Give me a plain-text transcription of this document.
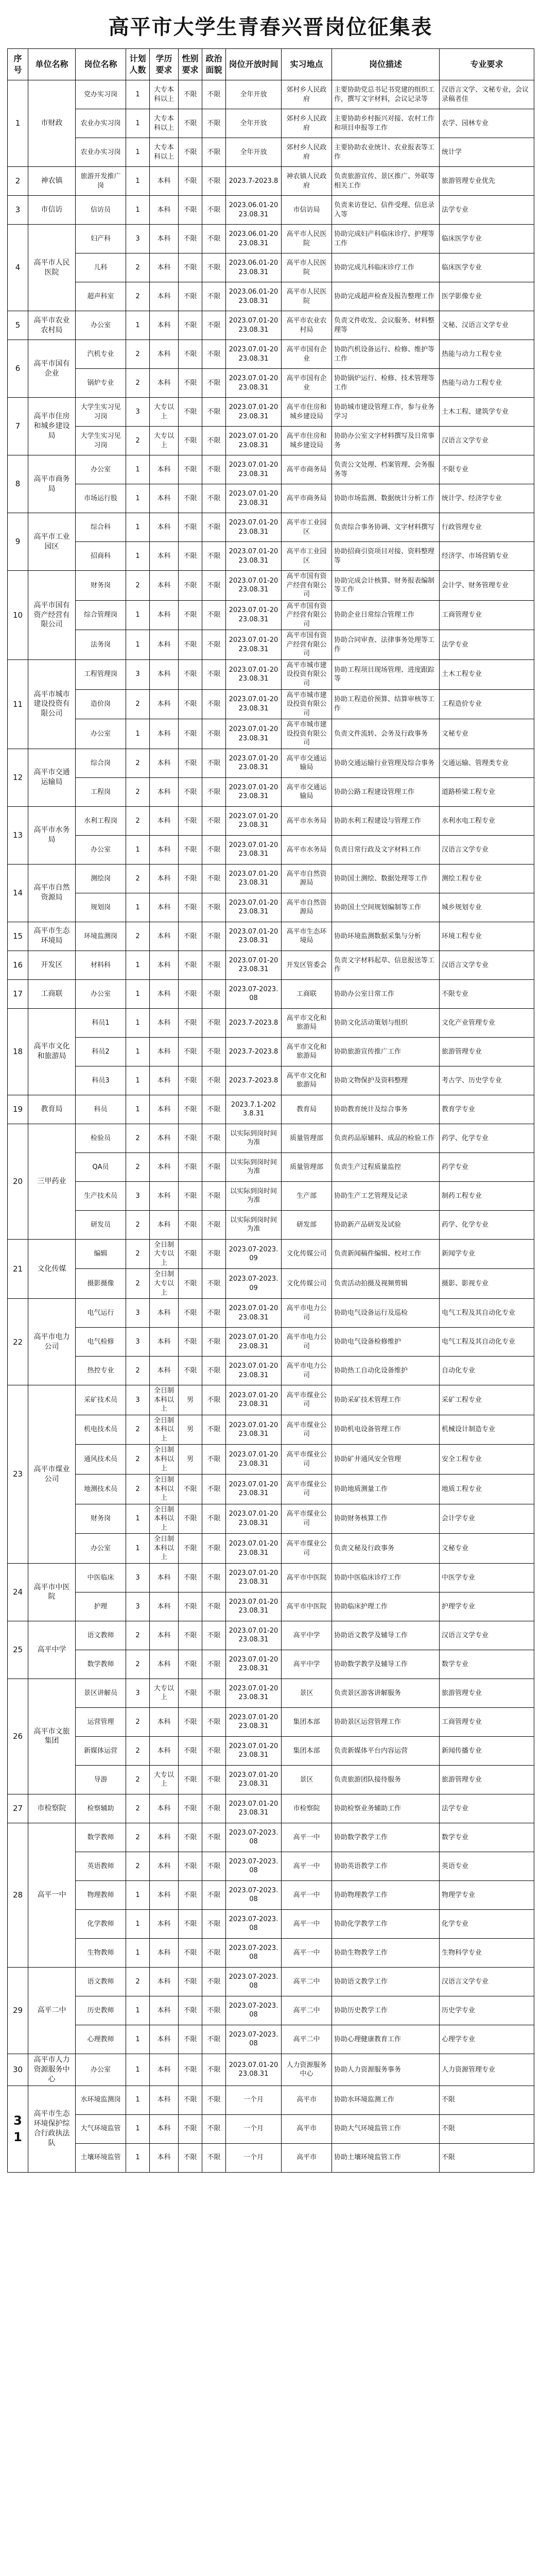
高平市大学生青春兴晋岗位征集表
序号	单位名称	岗位名称	计划人数	学历要求	性别要求	政治面貌	岗位开放时间	实习地点	岗位描述	专业要求
1	市财政	党办实习岗	1	大专本科以上	不限	不限	全年开放	郊村乡人民政府	主要协助党总书记书党建的组织工作，撰写文字材料，会议记录等	汉语言文学、文秘专业，会议录稿者佳
		农业办实习岗	1	大专本科以上	不限	不限	全年开放	郊村乡人民政府	主要协助乡村振兴对接、农村工作和项目申报等工作	农学、园林专业
		农业办实习岗	1	大专本科以上	不限	不限	全年开放	郊村乡人民政府	主要协助农业统计、农业报表等工作	统计学
2	神农镇	旅游开发推广岗	1	本科	不限	不限	2023.7-2023.8	神农镇人民政府	负责旅游宣传、景区推广、外联等相关工作	旅游管理专业优先
3	市信访	信访员	1	本科	不限	不限	2023.06.01-2023.08.31	市信访局	负责来访登记、信件受理、信息录入等	法学专业
4	高平市人民医院	妇产科	3	本科	不限	不限	2023.06.01-2023.08.31	高平市人民医院	协助完成妇产科临床诊疗、护理等工作	临床医学专业
		儿科	2	本科	不限	不限	2023.06.01-2023.08.31	高平市人民医院	协助完成儿科临床诊疗工作	临床医学专业
		超声科室	2	本科	不限	不限	2023.06.01-2023.08.31	高平市人民医院	协助完成超声检查及报告整理工作	医学影像专业
5	高平市农业农村局	办公室	1	本科	不限	不限	2023.07.01-2023.08.31	高平市农业农村局	负责文件收发、会议服务、材料整理等	文秘、汉语言文学专业
6	高平市国有企业	汽机专业	2	本科	不限	不限	2023.07.01-2023.08.31	高平市国有企业	协助汽机设备运行、检修、维护等工作	热能与动力工程专业
		锅炉专业	2	本科	不限	不限	2023.07.01-2023.08.31	高平市国有企业	协助锅炉运行、检修、技术管理等工作	热能与动力工程专业
7	高平市住房和城乡建设局	大学生实习见习岗	3	大专以上	不限	不限	2023.07.01-2023.08.31	高平市住房和城乡建设局	协助城市建设管理工作，参与业务学习	土木工程、建筑学专业
		大学生实习见习岗	2	大专以上	不限	不限	2023.07.01-2023.08.31	高平市住房和城乡建设局	协助办公室文字材料撰写及日常事务	汉语言文学专业
8	高平市商务局	办公室	1	本科	不限	不限	2023.07.01-2023.08.31	高平市商务局	负责公文处理、档案管理、会务服务等	不限专业
		市场运行股	1	本科	不限	不限	2023.07.01-2023.08.31	高平市商务局	协助市场监测、数据统计分析工作	统计学、经济学专业
9	高平市工业园区	综合科	1	本科	不限	不限	2023.07.01-2023.08.31	高平市工业园区	负责综合事务协调、文字材料撰写	行政管理专业
		招商科	1	本科	不限	不限	2023.07.01-2023.08.31	高平市工业园区	协助招商引资项目对接、资料整理等	经济学、市场营销专业
10	高平市国有资产经营有限公司	财务岗	2	本科	不限	不限	2023.07.01-2023.08.31	高平市国有资产经营有限公司	协助完成会计核算、财务报表编制等工作	会计学、财务管理专业
		综合管理岗	1	本科	不限	不限	2023.07.01-2023.08.31	高平市国有资产经营有限公司	协助企业日常综合管理工作	工商管理专业
		法务岗	1	本科	不限	不限	2023.07.01-2023.08.31	高平市国有资产经营有限公司	协助合同审查、法律事务处理等工作	法学专业
11	高平市城市建设投资有限公司	工程管理岗	3	本科	不限	不限	2023.07.01-2023.08.31	高平市城市建设投资有限公司	协助工程项目现场管理、进度跟踪等	土木工程专业
		造价岗	2	本科	不限	不限	2023.07.01-2023.08.31	高平市城市建设投资有限公司	协助工程造价预算、结算审核等工作	工程造价专业
		办公室	1	本科	不限	不限	2023.07.01-2023.08.31	高平市城市建设投资有限公司	负责文件流转、会务及行政事务	文秘专业
12	高平市交通运输局	综合岗	2	本科	不限	不限	2023.07.01-2023.08.31	高平市交通运输局	协助交通运输行业管理及综合事务	交通运输、管理类专业
		工程岗	2	本科	不限	不限	2023.07.01-2023.08.31	高平市交通运输局	协助公路工程建设管理工作	道路桥梁工程专业
13	高平市水务局	水利工程岗	2	本科	不限	不限	2023.07.01-2023.08.31	高平市水务局	协助水利工程建设与管理工作	水利水电工程专业
		办公室	1	本科	不限	不限	2023.07.01-2023.08.31	高平市水务局	负责日常行政及文字材料工作	汉语言文学专业
14	高平市自然资源局	测绘岗	2	本科	不限	不限	2023.07.01-2023.08.31	高平市自然资源局	协助国土测绘、数据处理等工作	测绘工程专业
		规划岗	1	本科	不限	不限	2023.07.01-2023.08.31	高平市自然资源局	协助国土空间规划编制等工作	城乡规划专业
15	高平市生态环境局	环境监测岗	2	本科	不限	不限	2023.07.01-2023.08.31	高平市生态环境局	协助环境监测数据采集与分析	环境工程专业
16	开发区	材料科	1	本科	不限	不限	2023.07.01-2023.08.31	开发区管委会	负责文字材料起草、信息报送等工作	汉语言文学专业
17	工商联	办公室	1	本科	不限	不限	2023.07-2023.08	工商联	协助办公室日常工作	不限专业
18	高平市文化和旅游局	科员1	1	本科	不限	不限	2023.7-2023.8	高平市文化和旅游局	协助文化活动策划与组织	文化产业管理专业
		科员2	1	本科	不限	不限	2023.7-2023.8	高平市文化和旅游局	协助旅游宣传推广工作	旅游管理专业
		科员3	1	本科	不限	不限	2023.7-2023.8	高平市文化和旅游局	协助文物保护及资料整理	考古学、历史学专业
19	教育局	科员	1	本科	不限	不限	2023.7.1-2023.8.31	教育局	协助教育统计及综合事务	教育学专业
20	三甲药业	检验员	2	本科	不限	不限	以实际到岗时间为准	质量管理部	负责药品原辅料、成品的检验工作	药学、化学专业
		QA员	2	本科	不限	不限	以实际到岗时间为准	质量管理部	负责生产过程质量监控	药学专业
		生产技术员	3	本科	不限	不限	以实际到岗时间为准	生产部	协助生产工艺管理及记录	制药工程专业
		研发员	2	本科	不限	不限	以实际到岗时间为准	研发部	协助新产品研发及试验	药学、化学专业
21	文化传媒	编辑	2	全日制大专以上	不限	不限	2023.07-2023.09	文化传媒公司	负责新闻稿件编辑、校对工作	新闻学专业
		摄影摄像	2	全日制大专以上	不限	不限	2023.07-2023.09	文化传媒公司	负责活动拍摄及视频剪辑	摄影、影视专业
22	高平市电力公司	电气运行	3	本科	不限	不限	2023.07.01-2023.08.31	高平市电力公司	协助电气设备运行及巡检	电气工程及其自动化专业
		电气检修	3	本科	不限	不限	2023.07.01-2023.08.31	高平市电力公司	协助电气设备检修维护	电气工程及其自动化专业
		热控专业	2	本科	不限	不限	2023.07.01-2023.08.31	高平市电力公司	协助热工自动化设备维护	自动化专业
23	高平市煤业公司	采矿技术员	3	全日制本科以上	男	不限	2023.07.01-2023.08.31	高平市煤业公司	协助采矿技术管理工作	采矿工程专业
		机电技术员	2	全日制本科以上	男	不限	2023.07.01-2023.08.31	高平市煤业公司	协助机电设备管理工作	机械设计制造专业
		通风技术员	2	全日制本科以上	男	不限	2023.07.01-2023.08.31	高平市煤业公司	协助矿井通风安全管理	安全工程专业
		地测技术员	2	全日制本科以上	不限	不限	2023.07.01-2023.08.31	高平市煤业公司	协助地质测量工作	地质工程专业
		财务岗	1	全日制本科以上	不限	不限	2023.07.01-2023.08.31	高平市煤业公司	协助财务核算工作	会计学专业
		办公室	1	全日制本科以上	不限	不限	2023.07.01-2023.08.31	高平市煤业公司	负责文秘及行政事务	文秘专业
24	高平市中医院	中医临床	3	本科	不限	不限	2023.07.01-2023.08.31	高平市中医院	协助中医临床诊疗工作	中医学专业
		护理	3	本科	不限	不限	2023.07.01-2023.08.31	高平市中医院	协助临床护理工作	护理学专业
25	高平中学	语文教师	2	本科	不限	不限	2023.07.01-2023.08.31	高平中学	协助语文教学及辅导工作	汉语言文学专业
		数学教师	2	本科	不限	不限	2023.07.01-2023.08.31	高平中学	协助数学教学及辅导工作	数学专业
26	高平市文旅集团	景区讲解员	3	大专以上	不限	不限	2023.07.01-2023.08.31	景区	负责景区游客讲解服务	旅游管理专业
		运营管理	2	本科	不限	不限	2023.07.01-2023.08.31	集团本部	协助景区运营管理工作	工商管理专业
		新媒体运营	2	本科	不限	不限	2023.07.01-2023.08.31	集团本部	负责新媒体平台内容运营	新闻传播专业
		导游	2	大专以上	不限	不限	2023.07.01-2023.08.31	景区	负责旅游团队接待服务	旅游管理专业
27	市检察院	检察辅助	2	本科	不限	不限	2023.07.01-2023.08.31	市检察院	协助检察业务辅助工作	法学专业
28	高平一中	数学教师	2	本科	不限	不限	2023.07-2023.08	高平一中	协助数学教学工作	数学专业
		英语教师	2	本科	不限	不限	2023.07-2023.08	高平一中	协助英语教学工作	英语专业
		物理教师	1	本科	不限	不限	2023.07-2023.08	高平一中	协助物理教学工作	物理学专业
		化学教师	1	本科	不限	不限	2023.07-2023.08	高平一中	协助化学教学工作	化学专业
		生物教师	1	本科	不限	不限	2023.07-2023.08	高平一中	协助生物教学工作	生物科学专业
29	高平二中	语文教师	2	本科	不限	不限	2023.07-2023.08	高平二中	协助语文教学工作	汉语言文学专业
		历史教师	1	本科	不限	不限	2023.07-2023.08	高平二中	协助历史教学工作	历史学专业
		心理教师	1	本科	不限	不限	2023.07-2023.08	高平二中	协助心理健康教育工作	心理学专业
30	高平市人力资源服务中心	办公室	1	本科	不限	不限	2023.07.01-2023.08.31	人力资源服务中心	协助人力资源服务事务	人力资源管理专业
31	高平市生态环境保护综合行政执法队	水环境监测岗	1	本科	不限	不限	一个月	高平市	协助水环境监测工作	不限
		大气环境监管	1	本科	不限	不限	一个月	高平市	协助大气环境监管工作	不限
		土壤环境监管	1	本科	不限	不限	一个月	高平市	协助土壤环境监管工作	不限
